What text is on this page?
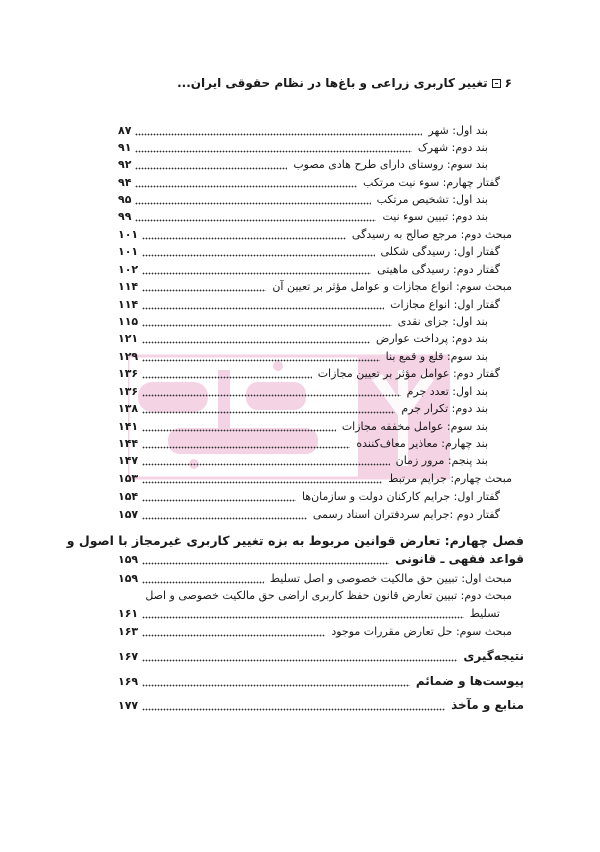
۶
تغییر کاربری زراعی و باغ‌ها در نظام حقوقی ایران...
بند اول: شهر
۸۷
بند دوم: شهرک
۹۱
بند سوم: روستای دارای طرح هادی مصوب
۹۲
گفتار چهارم: سوء نیت مرتکب
۹۴
بند اول: تشخیص مرتکب
۹۵
بند دوم: تبیین سوء نیت
۹۹
مبحث دوم: مرجع صالح به رسیدگی
۱۰۱
گفتار اول: رسیدگی شکلی
۱۰۱
گفتار دوم: رسیدگی ماهیتی
۱۰۲
مبحث سوم: انواع مجازات و عوامل مؤثر بر تعیین آن
۱۱۴
گفتار اول: انواع مجازات
۱۱۴
بند اول: جزای نقدی
۱۱۵
بند دوم: پرداخت عوارض
۱۲۱
بند سوم: قلع و قمع بنا
۱۲۹
گفتار دوم: عوامل مؤثر بر تعیین مجازات
۱۳۶
بند اول: تعدد جرم
۱۳۶
بند دوم: تکرار جرم
۱۳۸
بند سوم: عوامل مخففه مجازات
۱۴۱
بند چهارم: معاذیر معاف‌کننده
۱۴۴
بند پنجم: مرور زمان
۱۴۷
مبحث چهارم: جرایم مرتبط
۱۵۳
گفتار اول: جرایم کارکنان دولت و سازمان‌ها
۱۵۴
گفتار دوم :جرایم سردفتران اسناد رسمی
۱۵۷
فصل چهارم: تعارض قوانین مربوط به بزه تغییر کاربری غیرمجاز با اصول و
قواعد فقهی ـ قانونی
۱۵۹
مبحث اول: تبیین حق مالکیت خصوصی و اصل تسلیط
۱۵۹
مبحث دوم: تبیین تعارض قانون حفظ کاربری اراضی حق مالکیت خصوصی و اصل
تسلیط
۱۶۱
مبحث سوم: حل تعارض مقررات موجود
۱۶۳
نتیجه‌گیری
۱۶۷
پیوست‌ها و ضمائم
۱۶۹
منابع و مآخذ
۱۷۷
